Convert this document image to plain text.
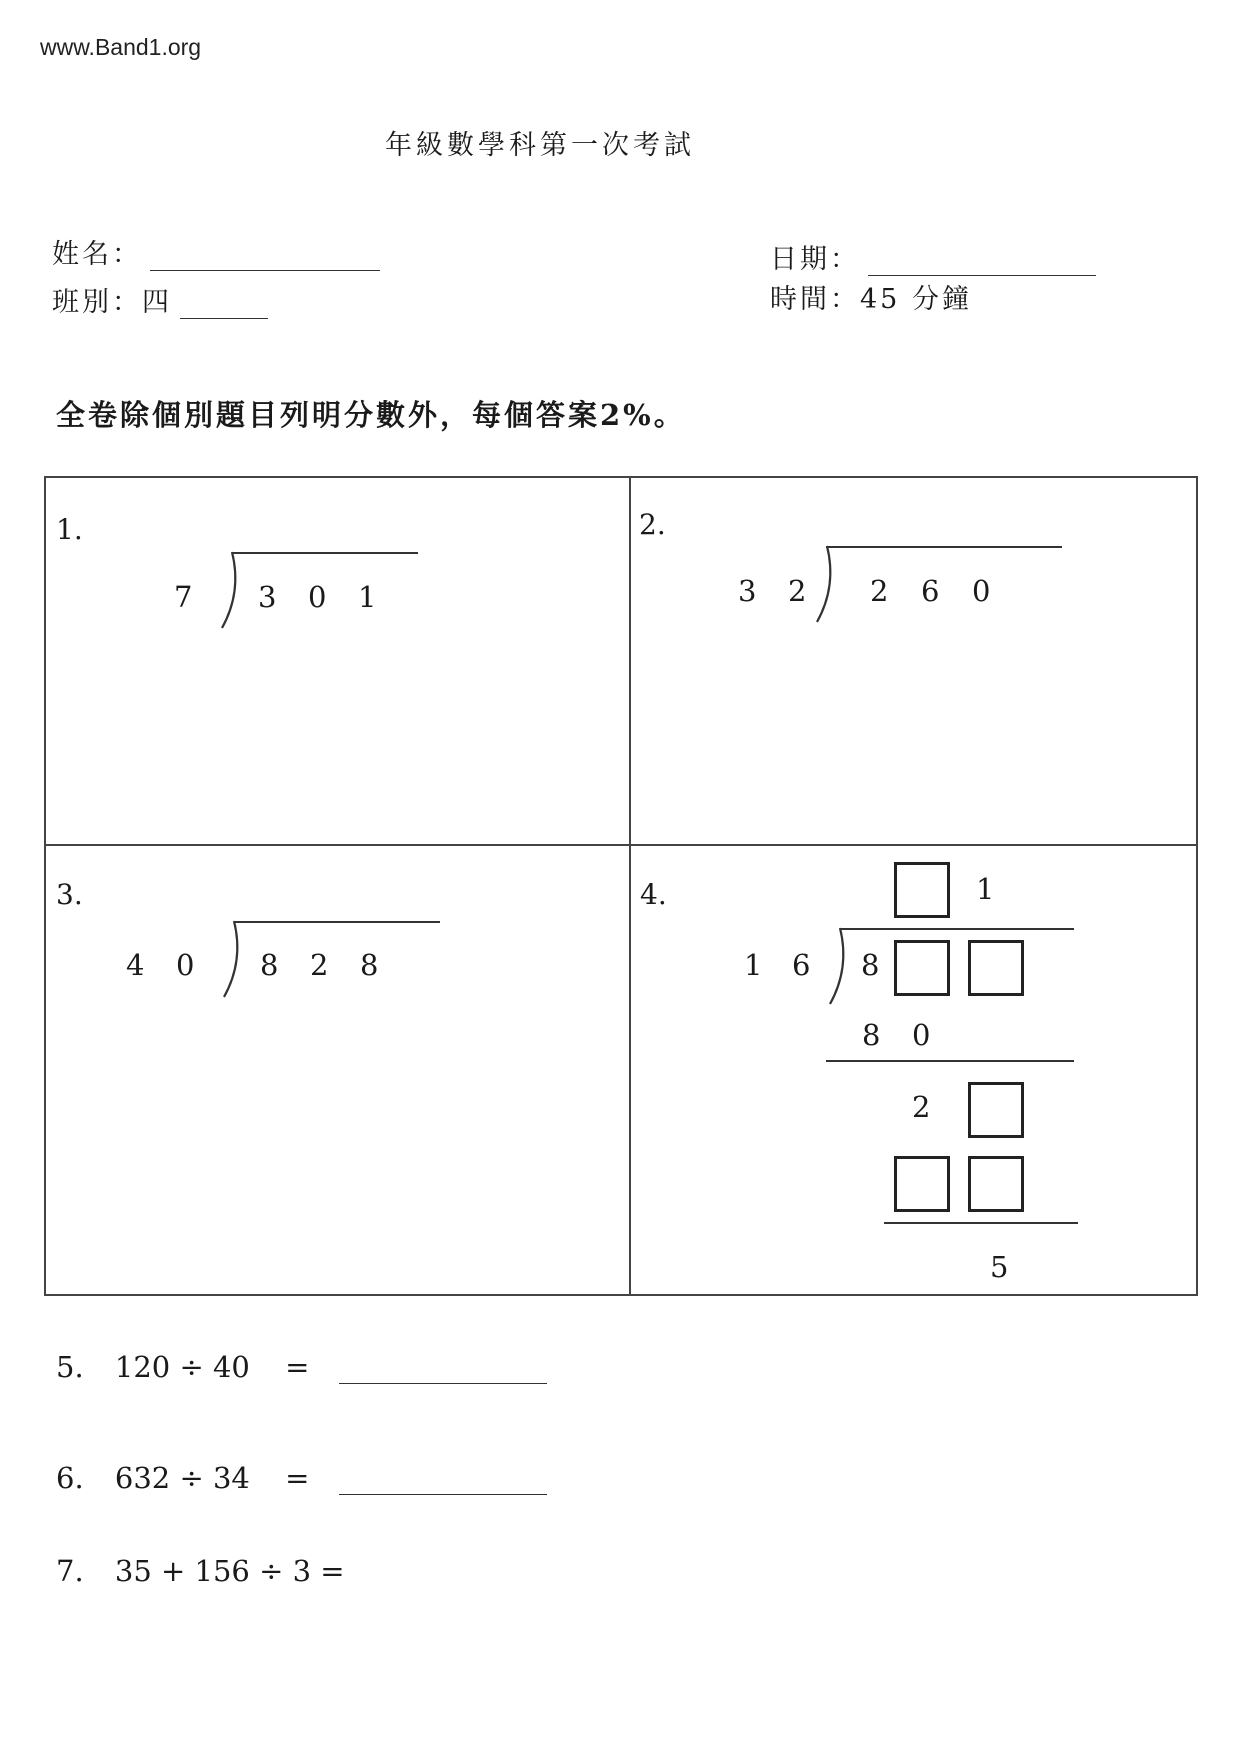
www.Band1.org
年級數學科第一次考試
姓名：	日期：
班別：四	時間：45 分鐘
全卷除個別題目列明分數外，每個答案2%。
1.
7 3 0 1
2.
3 2 2 6 0
3.
4 0 8 2 8
4.	1
1 6 8
8 0
2
5
5. 120 ÷ 40 =
6. 632 ÷ 34 =
7. 35 + 156 ÷ 3 =
